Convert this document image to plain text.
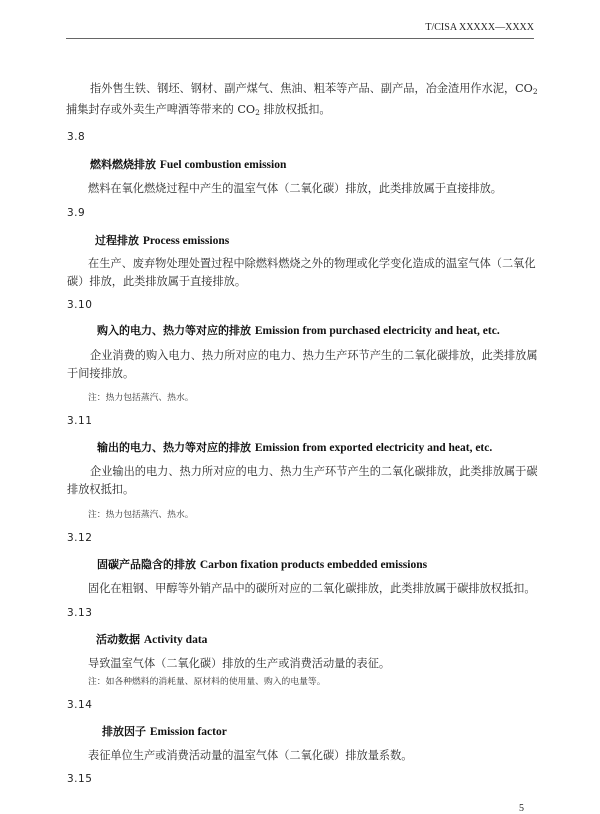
T/CISA XXXXX—XXXX
指外售生铁、钢坯、钢材、副产煤气、焦油、粗苯等产品、副产品，冶金渣用作水泥，$CO_2$
捕集封存或外卖生产啤酒等带来的 $CO_2$ 排放权抵扣。
3.8
燃料燃烧排放 Fuel combustion emission
燃料在氧化燃烧过程中产生的温室气体（二氧化碳）排放，此类排放属于直接排放。
3.9
过程排放 Process emissions
在生产、废弃物处理处置过程中除燃料燃烧之外的物理或化学变化造成的温室气体（二氧化碳）排放，此类排放属于直接排放。
3.10
购入的电力、热力等对应的排放 Emission from purchased electricity and heat, etc.
企业消费的购入电力、热力所对应的电力、热力生产环节产生的二氧化碳排放，此类排放属于间接排放。
注：热力包括蒸汽、热水。
3.11
输出的电力、热力等对应的排放 Emission from exported electricity and heat, etc.
企业输出的电力、热力所对应的电力、热力生产环节产生的二氧化碳排放，此类排放属于碳排放权抵扣。
注：热力包括蒸汽、热水。
3.12
固碳产品隐含的排放 Carbon fixation products embedded emissions
固化在粗钢、甲醇等外销产品中的碳所对应的二氧化碳排放，此类排放属于碳排放权抵扣。
3.13
活动数据 Activity data
导致温室气体（二氧化碳）排放的生产或消费活动量的表征。
注：如各种燃料的消耗量、原材料的使用量、购入的电量等。
3.14
排放因子 Emission factor
表征单位生产或消费活动量的温室气体（二氧化碳）排放量系数。
3.15
5
